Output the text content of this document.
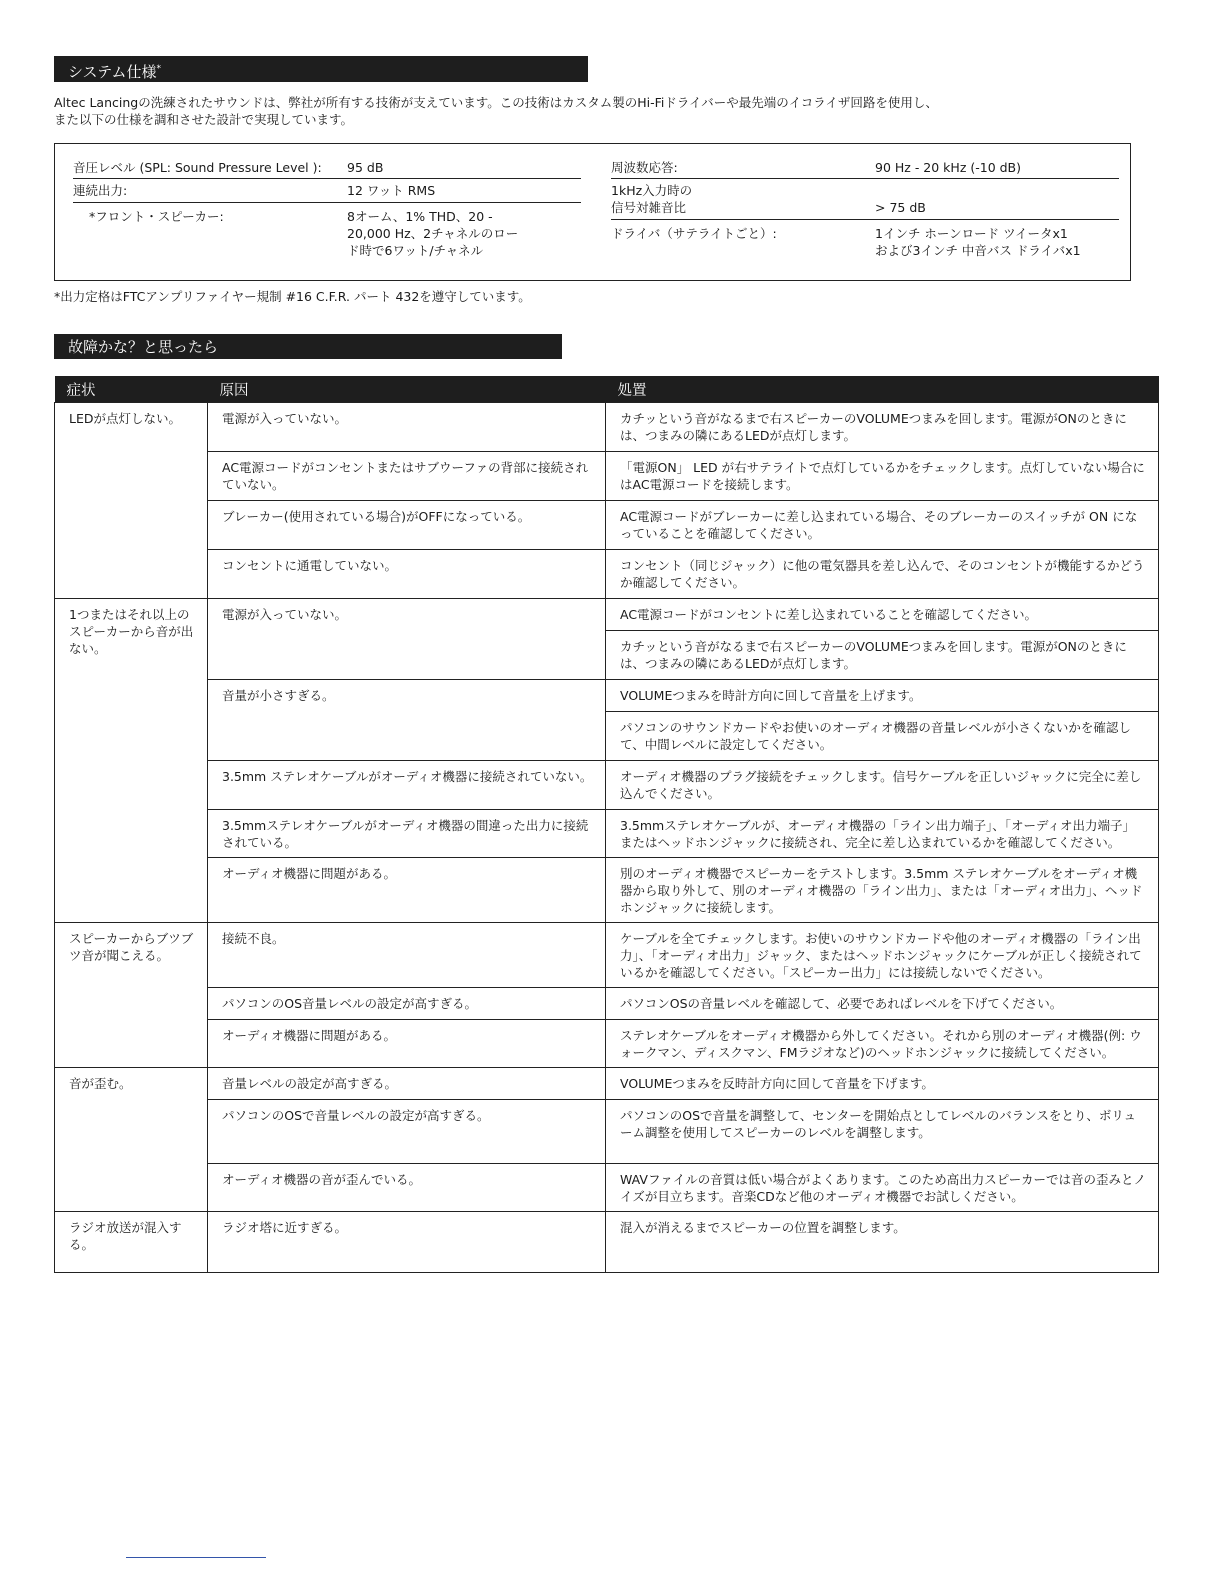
システム仕様*
Altec Lancingの洗練されたサウンドは、弊社が所有する技術が支えています。この技術はカスタム製のHi-Fiドライバーや最先端のイコライザ回路を使用し、
また以下の仕様を調和させた設計で実現しています。
音圧レベル (SPL: Sound Pressure Level ): 95 dB
連続出力:	12 ワット RMS
*フロント・スピーカー:	8オーム、1% THD、20 -
20,000 Hz、2チャネルのロー
ド時で6ワット/チャネル
周波数応答:	90 Hz - 20 kHz (-10 dB)
1kHz入力時の
信号対雑音比	> 75 dB
ドライバ（サテライトごと）:	1インチ ホーンロード ツイータx1
および3インチ 中音バス ドライバx1
*出力定格はFTCアンプリファイヤー規制 #16 C.F.R. パート 432を遵守しています。
故障かな？と思ったら
症状	原因	処置
LEDが点灯しない。	電源が入っていない。	カチッという音がなるまで右スピーカーのVOLUMEつまみを回します。電源がONのときには、つまみの隣にあるLEDが点灯します。
	AC電源コードがコンセントまたはサブウーファの背部に接続されていない。	「電源ON」 LED が右サテライトで点灯しているかをチェックします。点灯していない場合にはAC電源コードを接続します。
	ブレーカー(使用されている場合)がOFFになっている。	AC電源コードがブレーカーに差し込まれている場合、そのブレーカーのスイッチが ON になっていることを確認してください。
	コンセントに通電していない。	コンセント（同じジャック）に他の電気器具を差し込んで、そのコンセントが機能するかどうか確認してください。
1つまたはそれ以上のスピーカーから音が出ない。	電源が入っていない。	AC電源コードがコンセントに差し込まれていることを確認してください。
		カチッという音がなるまで右スピーカーのVOLUMEつまみを回します。電源がONのときには、つまみの隣にあるLEDが点灯します。
	音量が小さすぎる。	VOLUMEつまみを時計方向に回して音量を上げます。
		パソコンのサウンドカードやお使いのオーディオ機器の音量レベルが小さくないかを確認して、中間レベルに設定してください。
	3.5mm ステレオケーブルがオーディオ機器に接続されていない。	オーディオ機器のプラグ接続をチェックします。信号ケーブルを正しいジャックに完全に差し込んでください。
	3.5mmステレオケーブルがオーディオ機器の間違った出力に接続されている。	3.5mmステレオケーブルが、オーディオ機器の「ライン出力端子」、「オーディオ出力端子」またはヘッドホンジャックに接続され、完全に差し込まれているかを確認してください。
	オーディオ機器に問題がある。	別のオーディオ機器でスピーカーをテストします。3.5mm ステレオケーブルをオーディオ機器から取り外して、別のオーディオ機器の「ライン出力」、または「オーディオ出力」、ヘッドホンジャックに接続します。
スピーカーからブツブツ音が聞こえる。	接続不良。	ケーブルを全てチェックします。お使いのサウンドカードや他のオーディオ機器の「ライン出力」、「オーディオ出力」ジャック、またはヘッドホンジャックにケーブルが正しく接続されているかを確認してください。「スピーカー出力」には接続しないでください。
	パソコンのOS音量レベルの設定が高すぎる。	パソコンOSの音量レベルを確認して、必要であればレベルを下げてください。
	オーディオ機器に問題がある。	ステレオケーブルをオーディオ機器から外してください。それから別のオーディオ機器(例: ウォークマン、ディスクマン、FMラジオなど)のヘッドホンジャックに接続してください。
音が歪む。	音量レベルの設定が高すぎる。	VOLUMEつまみを反時計方向に回して音量を下げます。
	パソコンのOSで音量レベルの設定が高すぎる。	パソコンのOSで音量を調整して、センターを開始点としてレベルのバランスをとり、ボリューム調整を使用してスピーカーのレベルを調整します。
	オーディオ機器の音が歪んでいる。	WAVファイルの音質は低い場合がよくあります。このため高出力スピーカーでは音の歪みとノイズが目立ちます。音楽CDなど他のオーディオ機器でお試しください。
ラジオ放送が混入する。	ラジオ塔に近すぎる。	混入が消えるまでスピーカーの位置を調整します。
